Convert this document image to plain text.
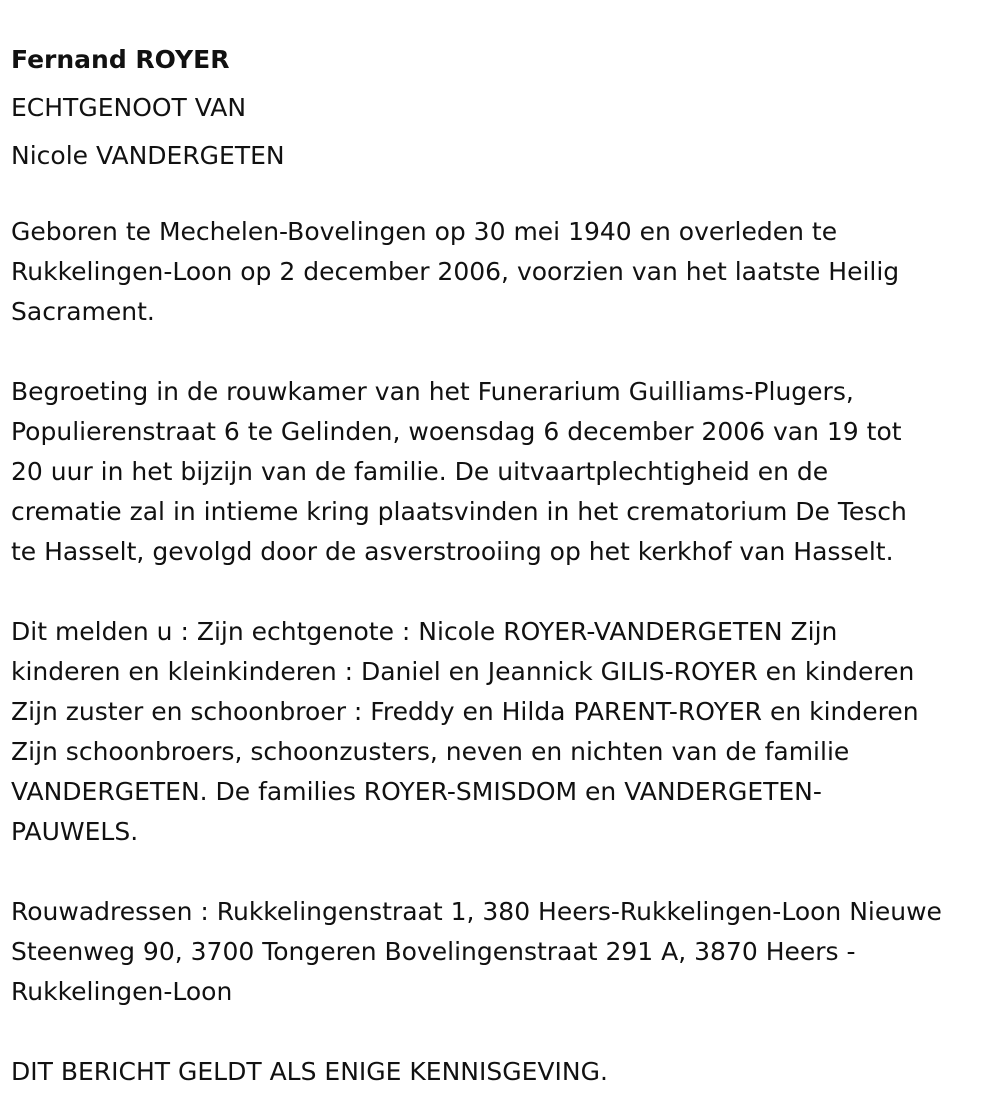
Fernand ROYER

ECHTGENOOT VAN

Nicole VANDERGETEN

Geboren te Mechelen-Bovelingen op 30 mei 1940 en overleden te
Rukkelingen-Loon op 2 december 2006, voorzien van het laatste Heilig
Sacrament.

Begroeting in de rouwkamer van het Funerarium Guilliams-Plugers,
Populierenstraat 6 te Gelinden, woensdag 6 december 2006 van 19 tot
20 uur in het bijzijn van de familie. De uitvaartplechtigheid en de
crematie zal in intieme kring plaatsvinden in het crematorium De Tesch
te Hasselt, gevolgd door de asverstrooiing op het kerkhof van Hasselt.

Dit melden u : Zijn echtgenote : Nicole ROYER-VANDERGETEN Zijn
kinderen en kleinkinderen : Daniel en Jeannick GILIS-ROYER en kinderen
Zijn zuster en schoonbroer : Freddy en Hilda PARENT-ROYER en kinderen
Zijn schoonbroers, schoonzusters, neven en nichten van de familie
VANDERGETEN. De families ROYER-SMISDOM en VANDERGETEN-
PAUWELS.

Rouwadressen : Rukkelingenstraat 1, 380 Heers-Rukkelingen-Loon Nieuwe
Steenweg 90, 3700 Tongeren Bovelingenstraat 291 A, 3870 Heers -
Rukkelingen-Loon

DIT BERICHT GELDT ALS ENIGE KENNISGEVING.
